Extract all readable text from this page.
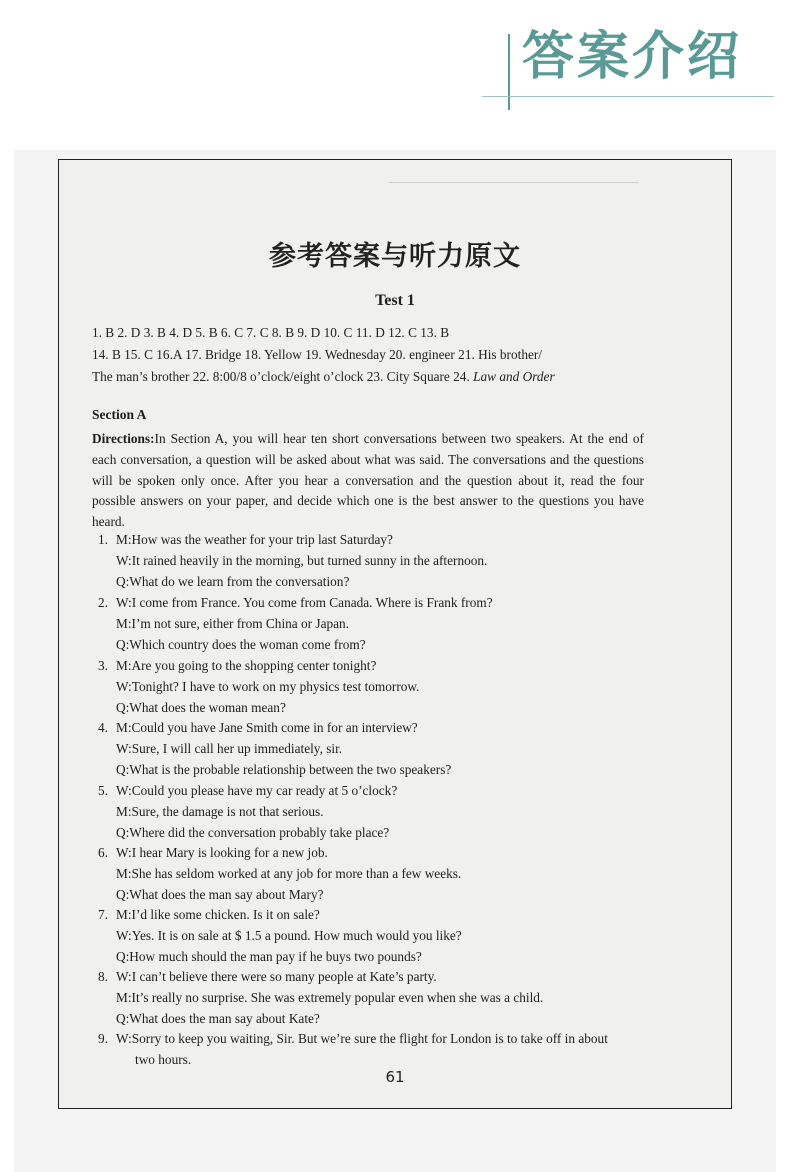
答案介绍
参考答案与听力原文
Test 1
1. B 2. D 3. B 4. D 5. B 6. C 7. C 8. B 9. D 10. C 11. D 12. C 13. B
14. B 15. C 16.A 17. Bridge 18. Yellow 19. Wednesday 20. engineer 21. His brother/
The man’s brother 22. 8:00/8 o’clock/eight o’clock 23. City Square 24. Law and Order
Section A
Directions:In Section A, you will hear ten short conversations between two speakers. At the end of each conversation, a question will be asked about what was said. The conversations and the questions will be spoken only once. After you hear a conversation and the question about it, read the four possible answers on your paper, and decide which one is the best answer to the questions you have heard.
1. M:How was the weather for your trip last Saturday?
W:It rained heavily in the morning, but turned sunny in the afternoon.
Q:What do we learn from the conversation?
2. W:I come from France. You come from Canada. Where is Frank from?
M:I’m not sure, either from China or Japan.
Q:Which country does the woman come from?
3. M:Are you going to the shopping center tonight?
W:Tonight? I have to work on my physics test tomorrow.
Q:What does the woman mean?
4. M:Could you have Jane Smith come in for an interview?
W:Sure, I will call her up immediately, sir.
Q:What is the probable relationship between the two speakers?
5. W:Could you please have my car ready at 5 o’clock?
M:Sure, the damage is not that serious.
Q:Where did the conversation probably take place?
6. W:I hear Mary is looking for a new job.
M:She has seldom worked at any job for more than a few weeks.
Q:What does the man say about Mary?
7. M:I’d like some chicken. Is it on sale?
W:Yes. It is on sale at $ 1.5 a pound. How much would you like?
Q:How much should the man pay if he buys two pounds?
8. W:I can’t believe there were so many people at Kate’s party.
M:It’s really no surprise. She was extremely popular even when she was a child.
Q:What does the man say about Kate?
9. W:Sorry to keep you waiting, Sir. But we’re sure the flight for London is to take off in about
two hours.
61
